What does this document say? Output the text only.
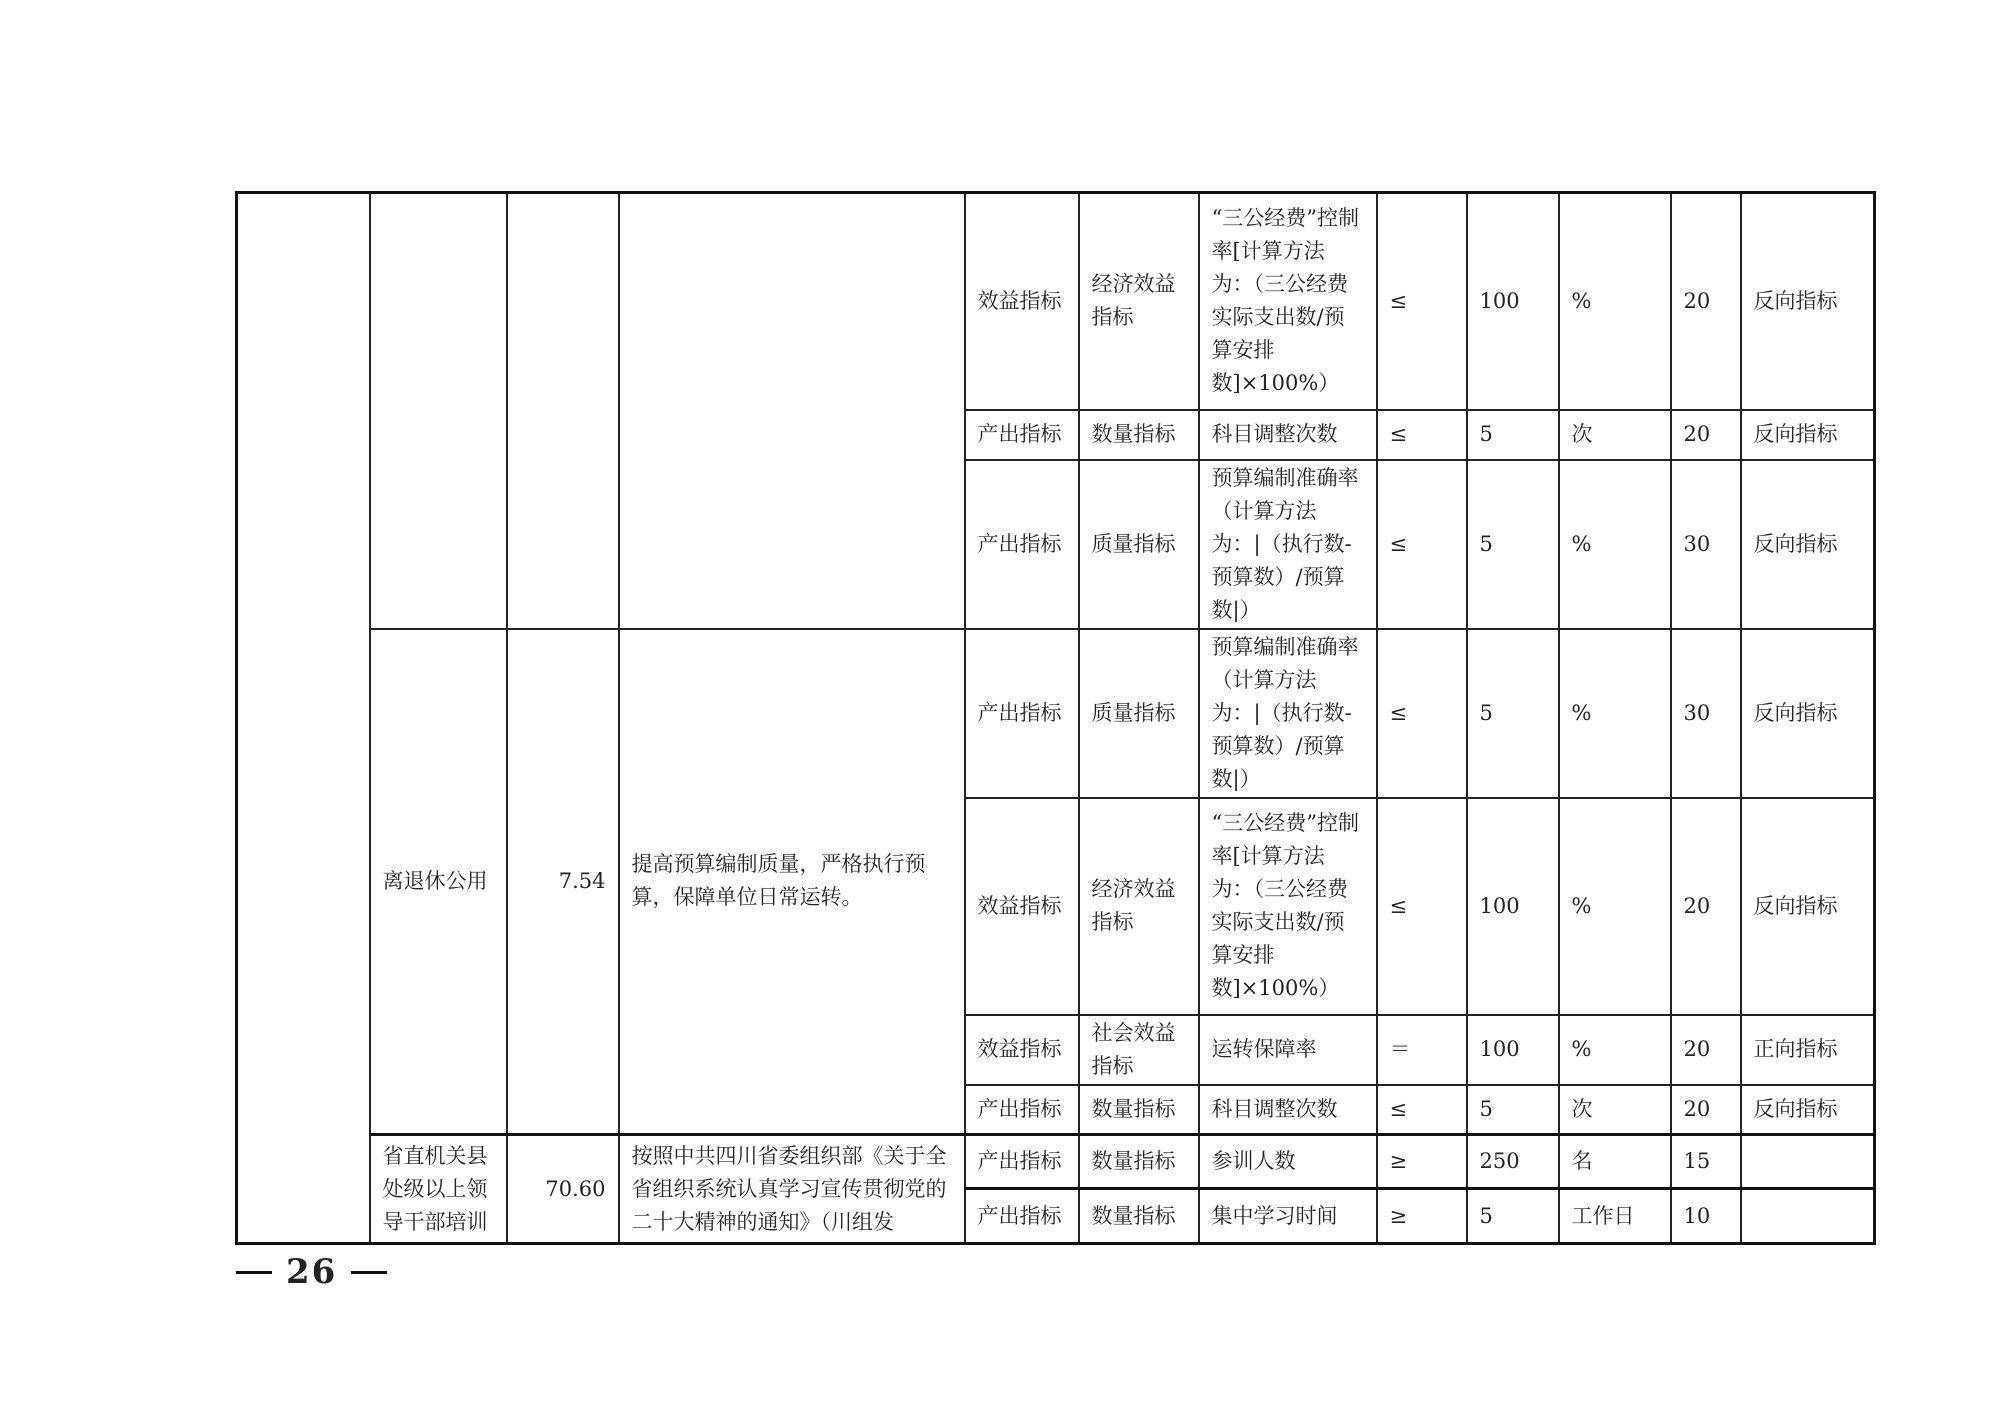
				效益指标	经济效益指标	“三公经费”控制率[计算方法为：（三公经费实际支出数/预算安排数]×100%）	≤	100	%	20	反向指标
				产出指标	数量指标	科目调整次数	≤	5	次	20	反向指标
				产出指标	质量指标	预算编制准确率（计算方法为：|（执行数-预算数）/预算数|）	≤	5	%	30	反向指标
	离退休公用	7.54	提高预算编制质量，严格执行预算，保障单位日常运转。	产出指标	质量指标	预算编制准确率（计算方法为：|（执行数-预算数）/预算数|）	≤	5	%	30	反向指标
				效益指标	经济效益指标	“三公经费”控制率[计算方法为：（三公经费实际支出数/预算安排数]×100%）	≤	100	%	20	反向指标
				效益指标	社会效益指标	运转保障率	＝	100	%	20	正向指标
				产出指标	数量指标	科目调整次数	≤	5	次	20	反向指标
	省直机关县处级以上领导干部培训	70.60	按照中共四川省委组织部《关于全省组织系统认真学习宣传贯彻党的二十大精神的通知》（川组发	产出指标	数量指标	参训人数	≥	250	名	15	
				产出指标	数量指标	集中学习时间	≥	5	工作日	10	
26
